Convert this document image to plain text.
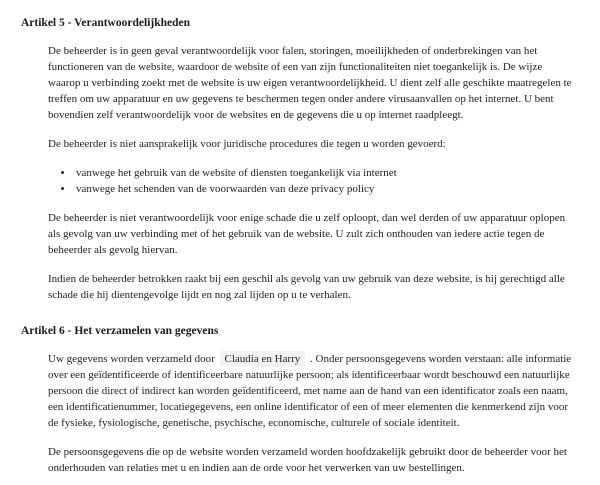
Artikel 5 - Verantwoordelijkheden

De beheerder is in geen geval verantwoordelijk voor falen, storingen, moeilijkheden of onderbrekingen van het functioneren van de website, waardoor de website of een van zijn functionaliteiten niet toegankelijk is. De wijze waarop u verbinding zoekt met de website is uw eigen verantwoordelijkheid. U dient zelf alle geschikte maatregelen te treffen om uw apparatuur en uw gegevens te beschermen tegen onder andere virusaanvallen op het internet. U bent bovendien zelf verantwoordelijk voor de websites en de gegevens die u op internet raadpleegt.

De beheerder is niet aansprakelijk voor juridische procedures die tegen u worden gevoerd:

• vanwege het gebruik van de website of diensten toegankelijk via internet
• vanwege het schenden van de voorwaarden van deze privacy policy

De beheerder is niet verantwoordelijk voor enige schade die u zelf oploopt, dan wel derden of uw apparatuur oplopen als gevolg van uw verbinding met of het gebruik van de website. U zult zich onthouden van iedere actie tegen de beheerder als gevolg hiervan.

Indien de beheerder betrokken raakt bij een geschil als gevolg van uw gebruik van deze website, is hij gerechtigd alle schade die hij dientengevolge lijdt en nog zal lijden op u te verhalen.

Artikel 6 - Het verzamelen van gegevens

Uw gegevens worden verzameld door Claudia en Harry . Onder persoonsgegevens worden verstaan: alle informatie over een geïdentificeerde of identificeerbare natuurlijke persoon; als identificeerbaar wordt beschouwd een natuurlijke persoon die direct of indirect kan worden geïdentificeerd, met name aan de hand van een identificator zoals een naam, een identificatienummer, locatiegegevens, een online identificator of een of meer elementen die kenmerkend zijn voor de fysieke, fysiologische, genetische, psychische, economische, culturele of sociale identiteit.

De persoonsgegevens die op de website worden verzameld worden hoofdzakelijk gebruikt door de beheerder voor het onderhouden van relaties met u en indien aan de orde voor het verwerken van uw bestellingen.
